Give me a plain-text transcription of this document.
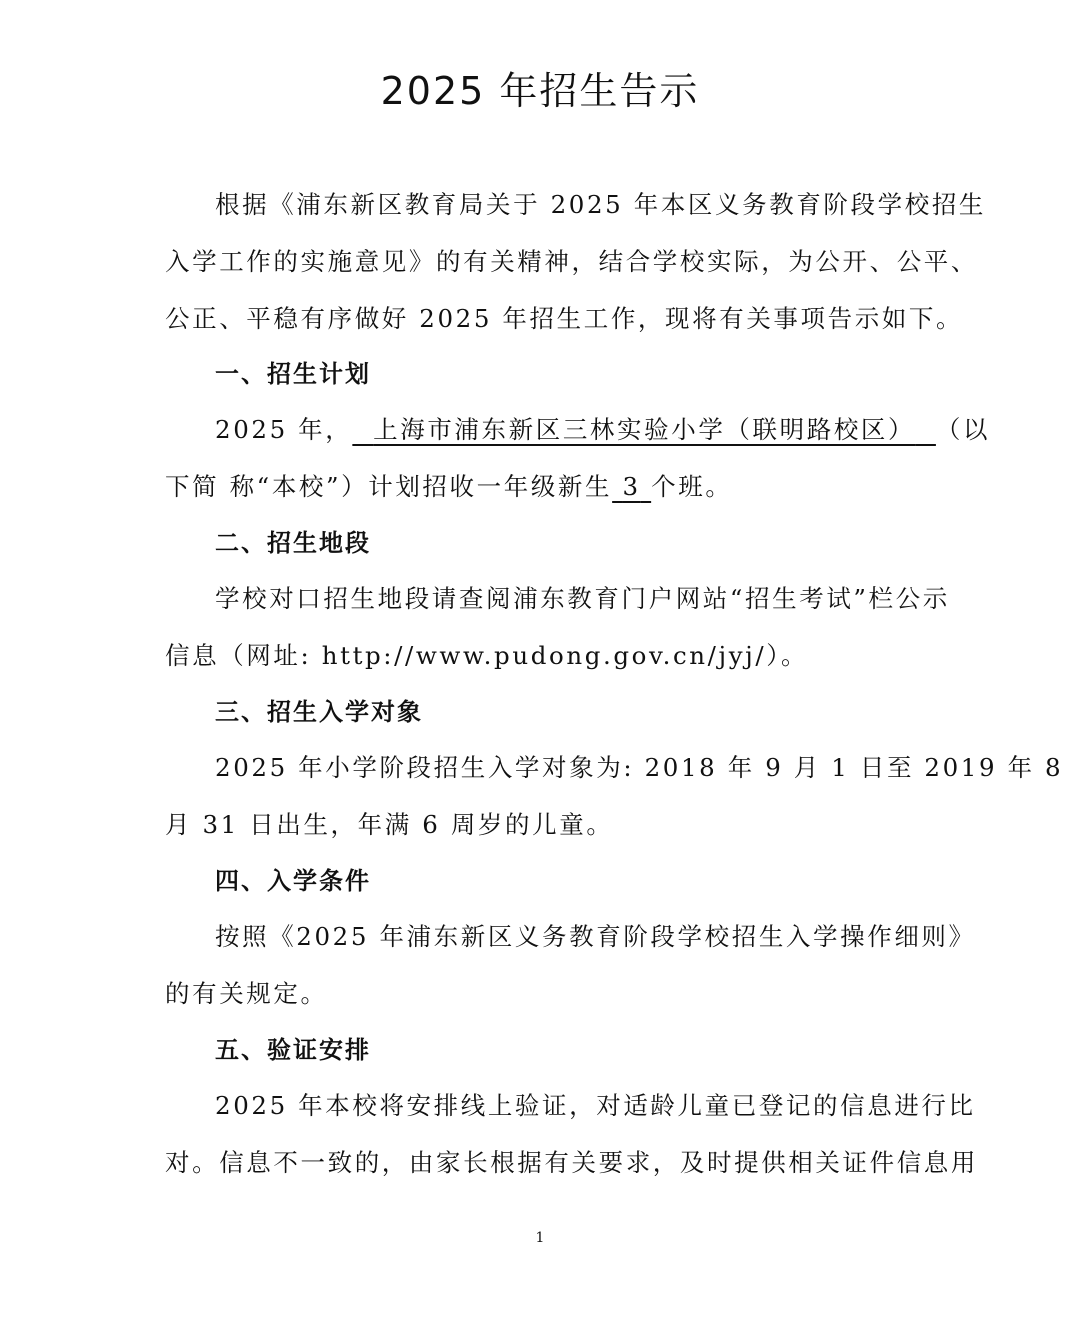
2025 年招生告示
根据《浦东新区教育局关于 2025 年本区义务教育阶段学校招生
入学工作的实施意见》的有关精神，结合学校实际，为公开、公平、
公正、平稳有序做好 2025 年招生工作，现将有关事项告示如下。
一、招生计划
2025 年， 上海市浦东新区三林实验小学（联明路校区） （以
下简 称“本校”）计划招收一年级新生 3 个班。
二、招生地段
学校对口招生地段请查阅浦东教育门户网站“招生考试”栏公示
信息（网址: http://www.pudong.gov.cn/jyj/）。
三、招生入学对象
2025 年小学阶段招生入学对象为: 2018 年 9 月 1 日至 2019 年 8
月 31 日出生，年满 6 周岁的儿童。
四、入学条件
按照《2025 年浦东新区义务教育阶段学校招生入学操作细则》
的有关规定。
五、验证安排
2025 年本校将安排线上验证，对适龄儿童已登记的信息进行比
对。信息不一致的，由家长根据有关要求，及时提供相关证件信息用
1
